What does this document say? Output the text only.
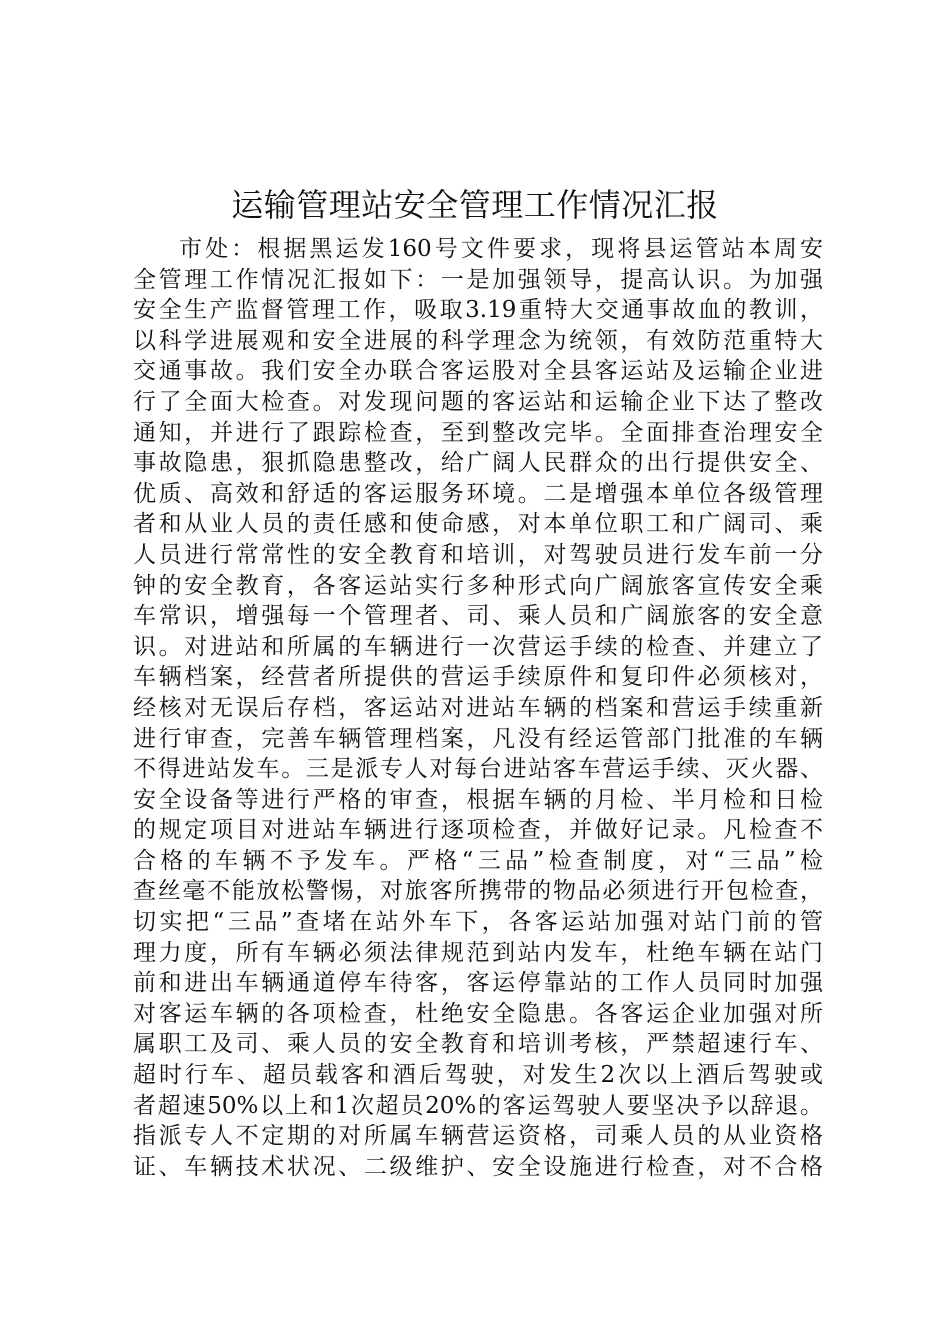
运输管理站安全管理工作情况汇报
市处：根据黑运发160号文件要求，现将县运管站本周安
全管理工作情况汇报如下：一是加强领导，提高认识。为加强
安全生产监督管理工作，吸取3.19重特大交通事故血的教训，
以科学进展观和安全进展的科学理念为统领，有效防范重特大
交通事故。我们安全办联合客运股对全县客运站及运输企业进
行了全面大检查。对发现问题的客运站和运输企业下达了整改
通知，并进行了跟踪检查，至到整改完毕。全面排查治理安全
事故隐患，狠抓隐患整改，给广阔人民群众的出行提供安全、
优质、高效和舒适的客运服务环境。二是增强本单位各级管理
者和从业人员的责任感和使命感，对本单位职工和广阔司、乘
人员进行常常性的安全教育和培训，对驾驶员进行发车前一分
钟的安全教育，各客运站实行多种形式向广阔旅客宣传安全乘
车常识，增强每一个管理者、司、乘人员和广阔旅客的安全意
识。对进站和所属的车辆进行一次营运手续的检查、并建立了
车辆档案，经营者所提供的营运手续原件和复印件必须核对，
经核对无误后存档，客运站对进站车辆的档案和营运手续重新
进行审查，完善车辆管理档案，凡没有经运管部门批准的车辆
不得进站发车。三是派专人对每台进站客车营运手续、灭火器、
安全设备等进行严格的审查，根据车辆的月检、半月检和日检
的规定项目对进站车辆进行逐项检查，并做好记录。凡检查不
合格的车辆不予发车。严格“三品”检查制度，对“三品”检
查丝毫不能放松警惕，对旅客所携带的物品必须进行开包检查，
切实把“三品”查堵在站外车下，各客运站加强对站门前的管
理力度，所有车辆必须法律规范到站内发车，杜绝车辆在站门
前和进出车辆通道停车待客，客运停靠站的工作人员同时加强
对客运车辆的各项检查，杜绝安全隐患。各客运企业加强对所
属职工及司、乘人员的安全教育和培训考核，严禁超速行车、
超时行车、超员载客和酒后驾驶，对发生2次以上酒后驾驶或
者超速50%以上和1次超员20%的客运驾驶人要坚决予以辞退。
指派专人不定期的对所属车辆营运资格，司乘人员的从业资格
证、车辆技术状况、二级维护、安全设施进行检查，对不合格
